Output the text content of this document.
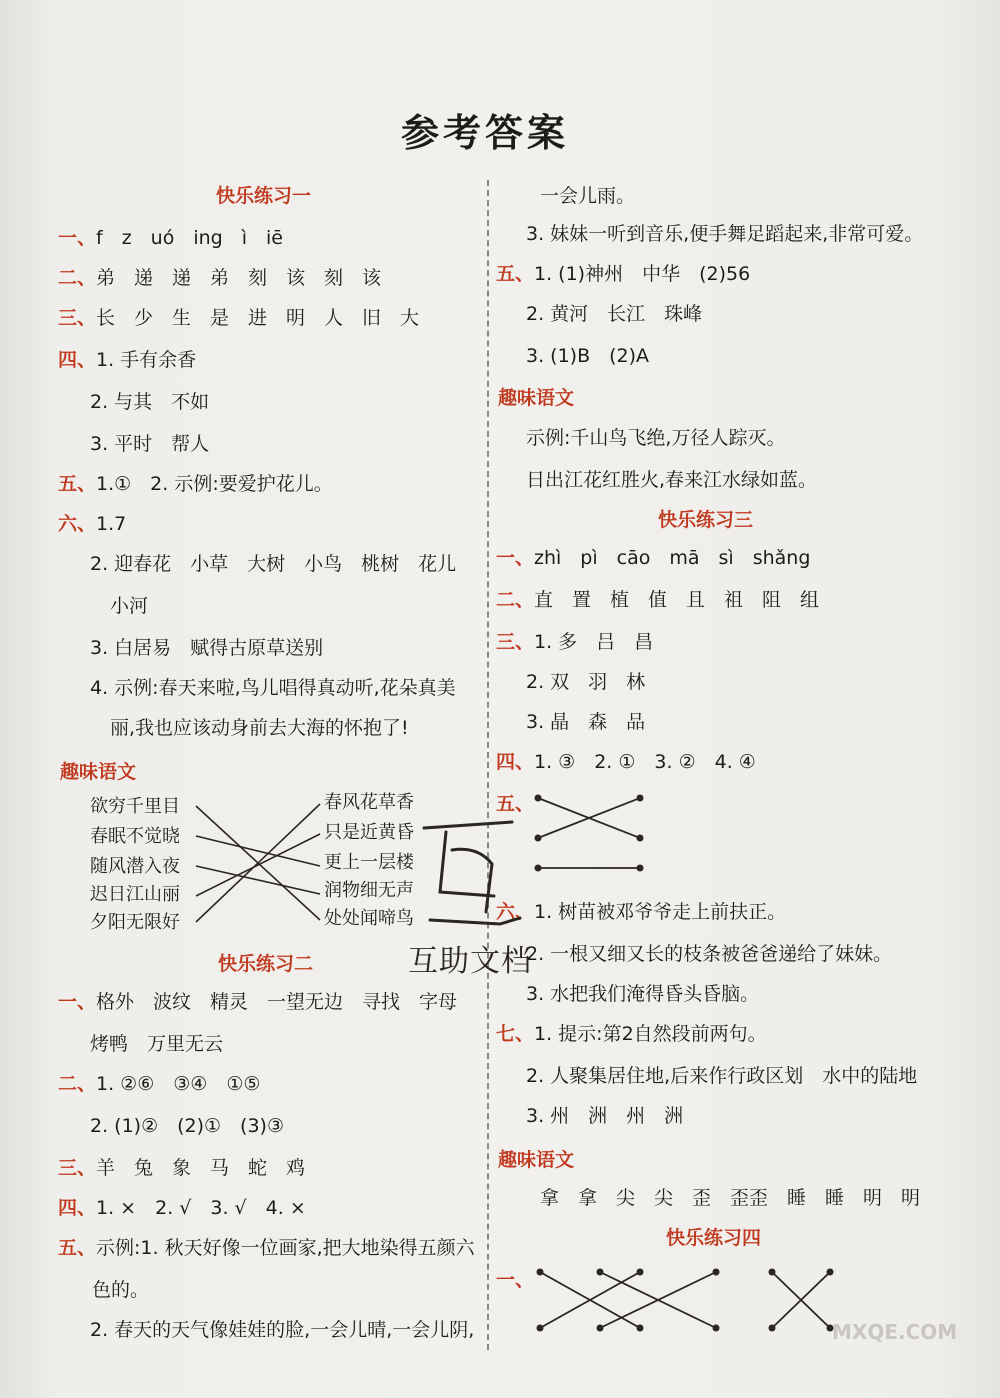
参考答案
快乐练习一
一、f　z　uó　ing　ì　iē
二、弟　递　递　弟　刻　该　刻　该
三、长　少　生　是　进　明　人　旧　大
四、1. 手有余香
2. 与其　不如
3. 平时　帮人
五、1.①　2. 示例:要爱护花儿。
六、1.7
2. 迎春花　小草　大树　小鸟　桃树　花儿
小河
3. 白居易　赋得古原草送别
4. 示例:春天来啦,鸟儿唱得真动听,花朵真美
丽,我也应该动身前去大海的怀抱了!
趣味语文
欲穷千里目
春眠不觉晓
随风潜入夜
迟日江山丽
夕阳无限好
春风花草香
只是近黄昏
更上一层楼
润物细无声
处处闻啼鸟
快乐练习二
一、格外　波纹　精灵　一望无边　寻找　字母
烤鸭　万里无云
二、1. ②⑥　③④　①⑤
2. (1)②　(2)①　(3)③
三、羊　兔　象　马　蛇　鸡
四、1. ×　2. √　3. √　4. ×
五、示例:1. 秋天好像一位画家,把大地染得五颜六
色的。
2. 春天的天气像娃娃的脸,一会儿晴,一会儿阴,
一会儿雨。
3. 妹妹一听到音乐,便手舞足蹈起来,非常可爱。
五、1. (1)神州　中华　(2)56
2. 黄河　长江　珠峰
3. (1)B　(2)A
趣味语文
示例:千山鸟飞绝,万径人踪灭。
日出江花红胜火,春来江水绿如蓝。
快乐练习三
一、zhì　pì　cāo　mā　sì　shǎng
二、直　置　植　值　且　祖　阻　组
三、1. 多　吕　昌
2. 双　羽　林
3. 晶　森　品
四、1. ③　2. ①　3. ②　4. ④
五、
六、1. 树苗被邓爷爷走上前扶正。
2. 一根又细又长的枝条被爸爸递给了妹妹。
3. 水把我们淹得昏头昏脑。
七、1. 提示:第2自然段前两句。
2. 人聚集居住地,后来作行政区划　水中的陆地
3. 州　洲　州　洲
趣味语文
拿　拿　尖　尖　歪　歪歪　睡　睡　明　明
快乐练习四
一、
互助文档
MXQE.COM
